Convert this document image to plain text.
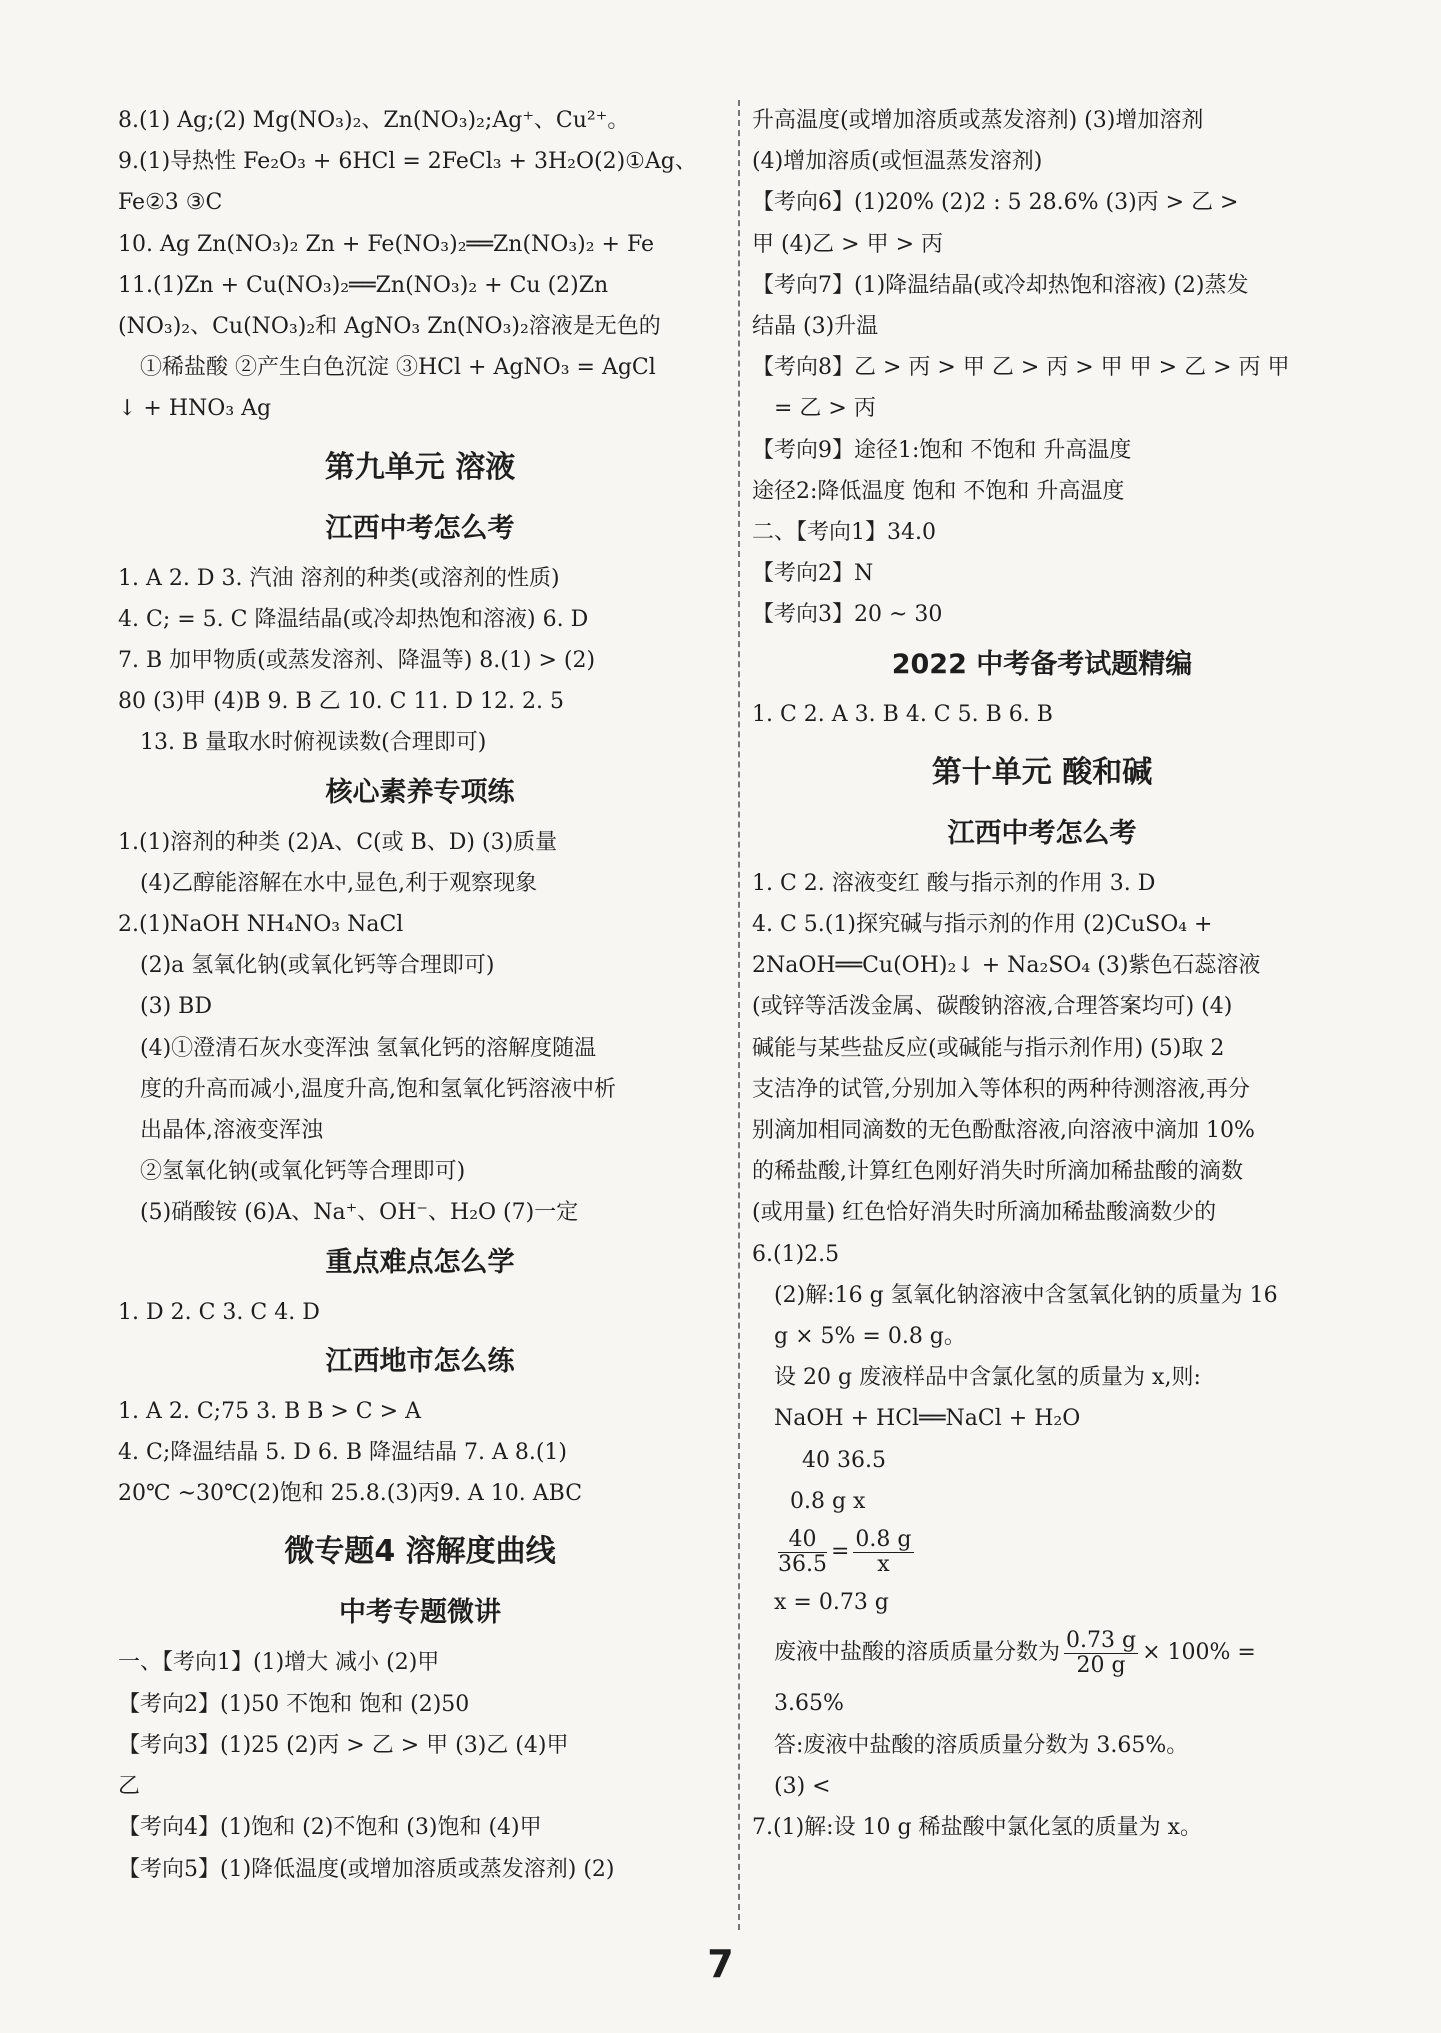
8.(1) Ag;(2) Mg(NO₃)₂、Zn(NO₃)₂;Ag⁺、Cu²⁺。
9.(1)导热性 Fe₂O₃ + 6HCl = 2FeCl₃ + 3H₂O(2)①Ag、
Fe②3 ③C
10. Ag Zn(NO₃)₂ Zn + Fe(NO₃)₂══Zn(NO₃)₂ + Fe
11.(1)Zn + Cu(NO₃)₂══Zn(NO₃)₂ + Cu (2)Zn
(NO₃)₂、Cu(NO₃)₂和 AgNO₃ Zn(NO₃)₂溶液是无色的
①稀盐酸 ②产生白色沉淀 ③HCl + AgNO₃ = AgCl
↓ + HNO₃ Ag
第九单元 溶液
江西中考怎么考
1. A 2. D 3. 汽油 溶剂的种类(或溶剂的性质)
4. C; = 5. C 降温结晶(或冷却热饱和溶液) 6. D
7. B 加甲物质(或蒸发溶剂、降温等) 8.(1) > (2)
80 (3)甲 (4)B 9. B 乙 10. C 11. D 12. 2. 5
13. B 量取水时俯视读数(合理即可)
核心素养专项练
1.(1)溶剂的种类 (2)A、C(或 B、D) (3)质量
(4)乙醇能溶解在水中,显色,利于观察现象
2.(1)NaOH NH₄NO₃ NaCl
(2)a 氢氧化钠(或氧化钙等合理即可)
(3) BD
(4)①澄清石灰水变浑浊 氢氧化钙的溶解度随温
度的升高而减小,温度升高,饱和氢氧化钙溶液中析
出晶体,溶液变浑浊
②氢氧化钠(或氧化钙等合理即可)
(5)硝酸铵 (6)A、Na⁺、OH⁻、H₂O (7)一定
重点难点怎么学
1. D 2. C 3. C 4. D
江西地市怎么练
1. A 2. C;75 3. B B > C > A
4. C;降温结晶 5. D 6. B 降温结晶 7. A 8.(1)
20℃ ~30℃(2)饱和 25.8.(3)丙9. A 10. ABC
微专题4 溶解度曲线
中考专题微讲
一、【考向1】(1)增大 减小 (2)甲
【考向2】(1)50 不饱和 饱和 (2)50
【考向3】(1)25 (2)丙 > 乙 > 甲 (3)乙 (4)甲
乙
【考向4】(1)饱和 (2)不饱和 (3)饱和 (4)甲
【考向5】(1)降低温度(或增加溶质或蒸发溶剂) (2)
升高温度(或增加溶质或蒸发溶剂) (3)增加溶剂
(4)增加溶质(或恒温蒸发溶剂)
【考向6】(1)20% (2)2 : 5 28.6% (3)丙 > 乙 >
甲 (4)乙 > 甲 > 丙
【考向7】(1)降温结晶(或冷却热饱和溶液) (2)蒸发
结晶 (3)升温
【考向8】乙 > 丙 > 甲 乙 > 丙 > 甲 甲 > 乙 > 丙 甲
= 乙 > 丙
【考向9】途径1:饱和 不饱和 升高温度
途径2:降低温度 饱和 不饱和 升高温度
二、【考向1】34.0
【考向2】N
【考向3】20 ~ 30
2022 中考备考试题精编
1. C 2. A 3. B 4. C 5. B 6. B
第十单元 酸和碱
江西中考怎么考
1. C 2. 溶液变红 酸与指示剂的作用 3. D
4. C 5.(1)探究碱与指示剂的作用 (2)CuSO₄ +
2NaOH══Cu(OH)₂↓ + Na₂SO₄ (3)紫色石蕊溶液
(或锌等活泼金属、碳酸钠溶液,合理答案均可) (4)
碱能与某些盐反应(或碱能与指示剂作用) (5)取 2
支洁净的试管,分别加入等体积的两种待测溶液,再分
别滴加相同滴数的无色酚酞溶液,向溶液中滴加 10%
的稀盐酸,计算红色刚好消失时所滴加稀盐酸的滴数
(或用量) 红色恰好消失时所滴加稀盐酸滴数少的
6.(1)2.5
(2)解:16 g 氢氧化钠溶液中含氢氧化钠的质量为 16
g × 5% = 0.8 g。
设 20 g 废液样品中含氯化氢的质量为 x,则:
NaOH + HCl══NaCl + H₂O
40 36.5
0.8 g x
$\frac{40}{36.5} = \frac{0.8 g}{x}$
x = 0.73 g
废液中盐酸的溶质质量分数为 $\frac{0.73 g}{20 g} \times 100\%$ =
3.65%
答:废液中盐酸的溶质质量分数为 3.65%。
(3) <
7.(1)解:设 10 g 稀盐酸中氯化氢的质量为 x。
7
